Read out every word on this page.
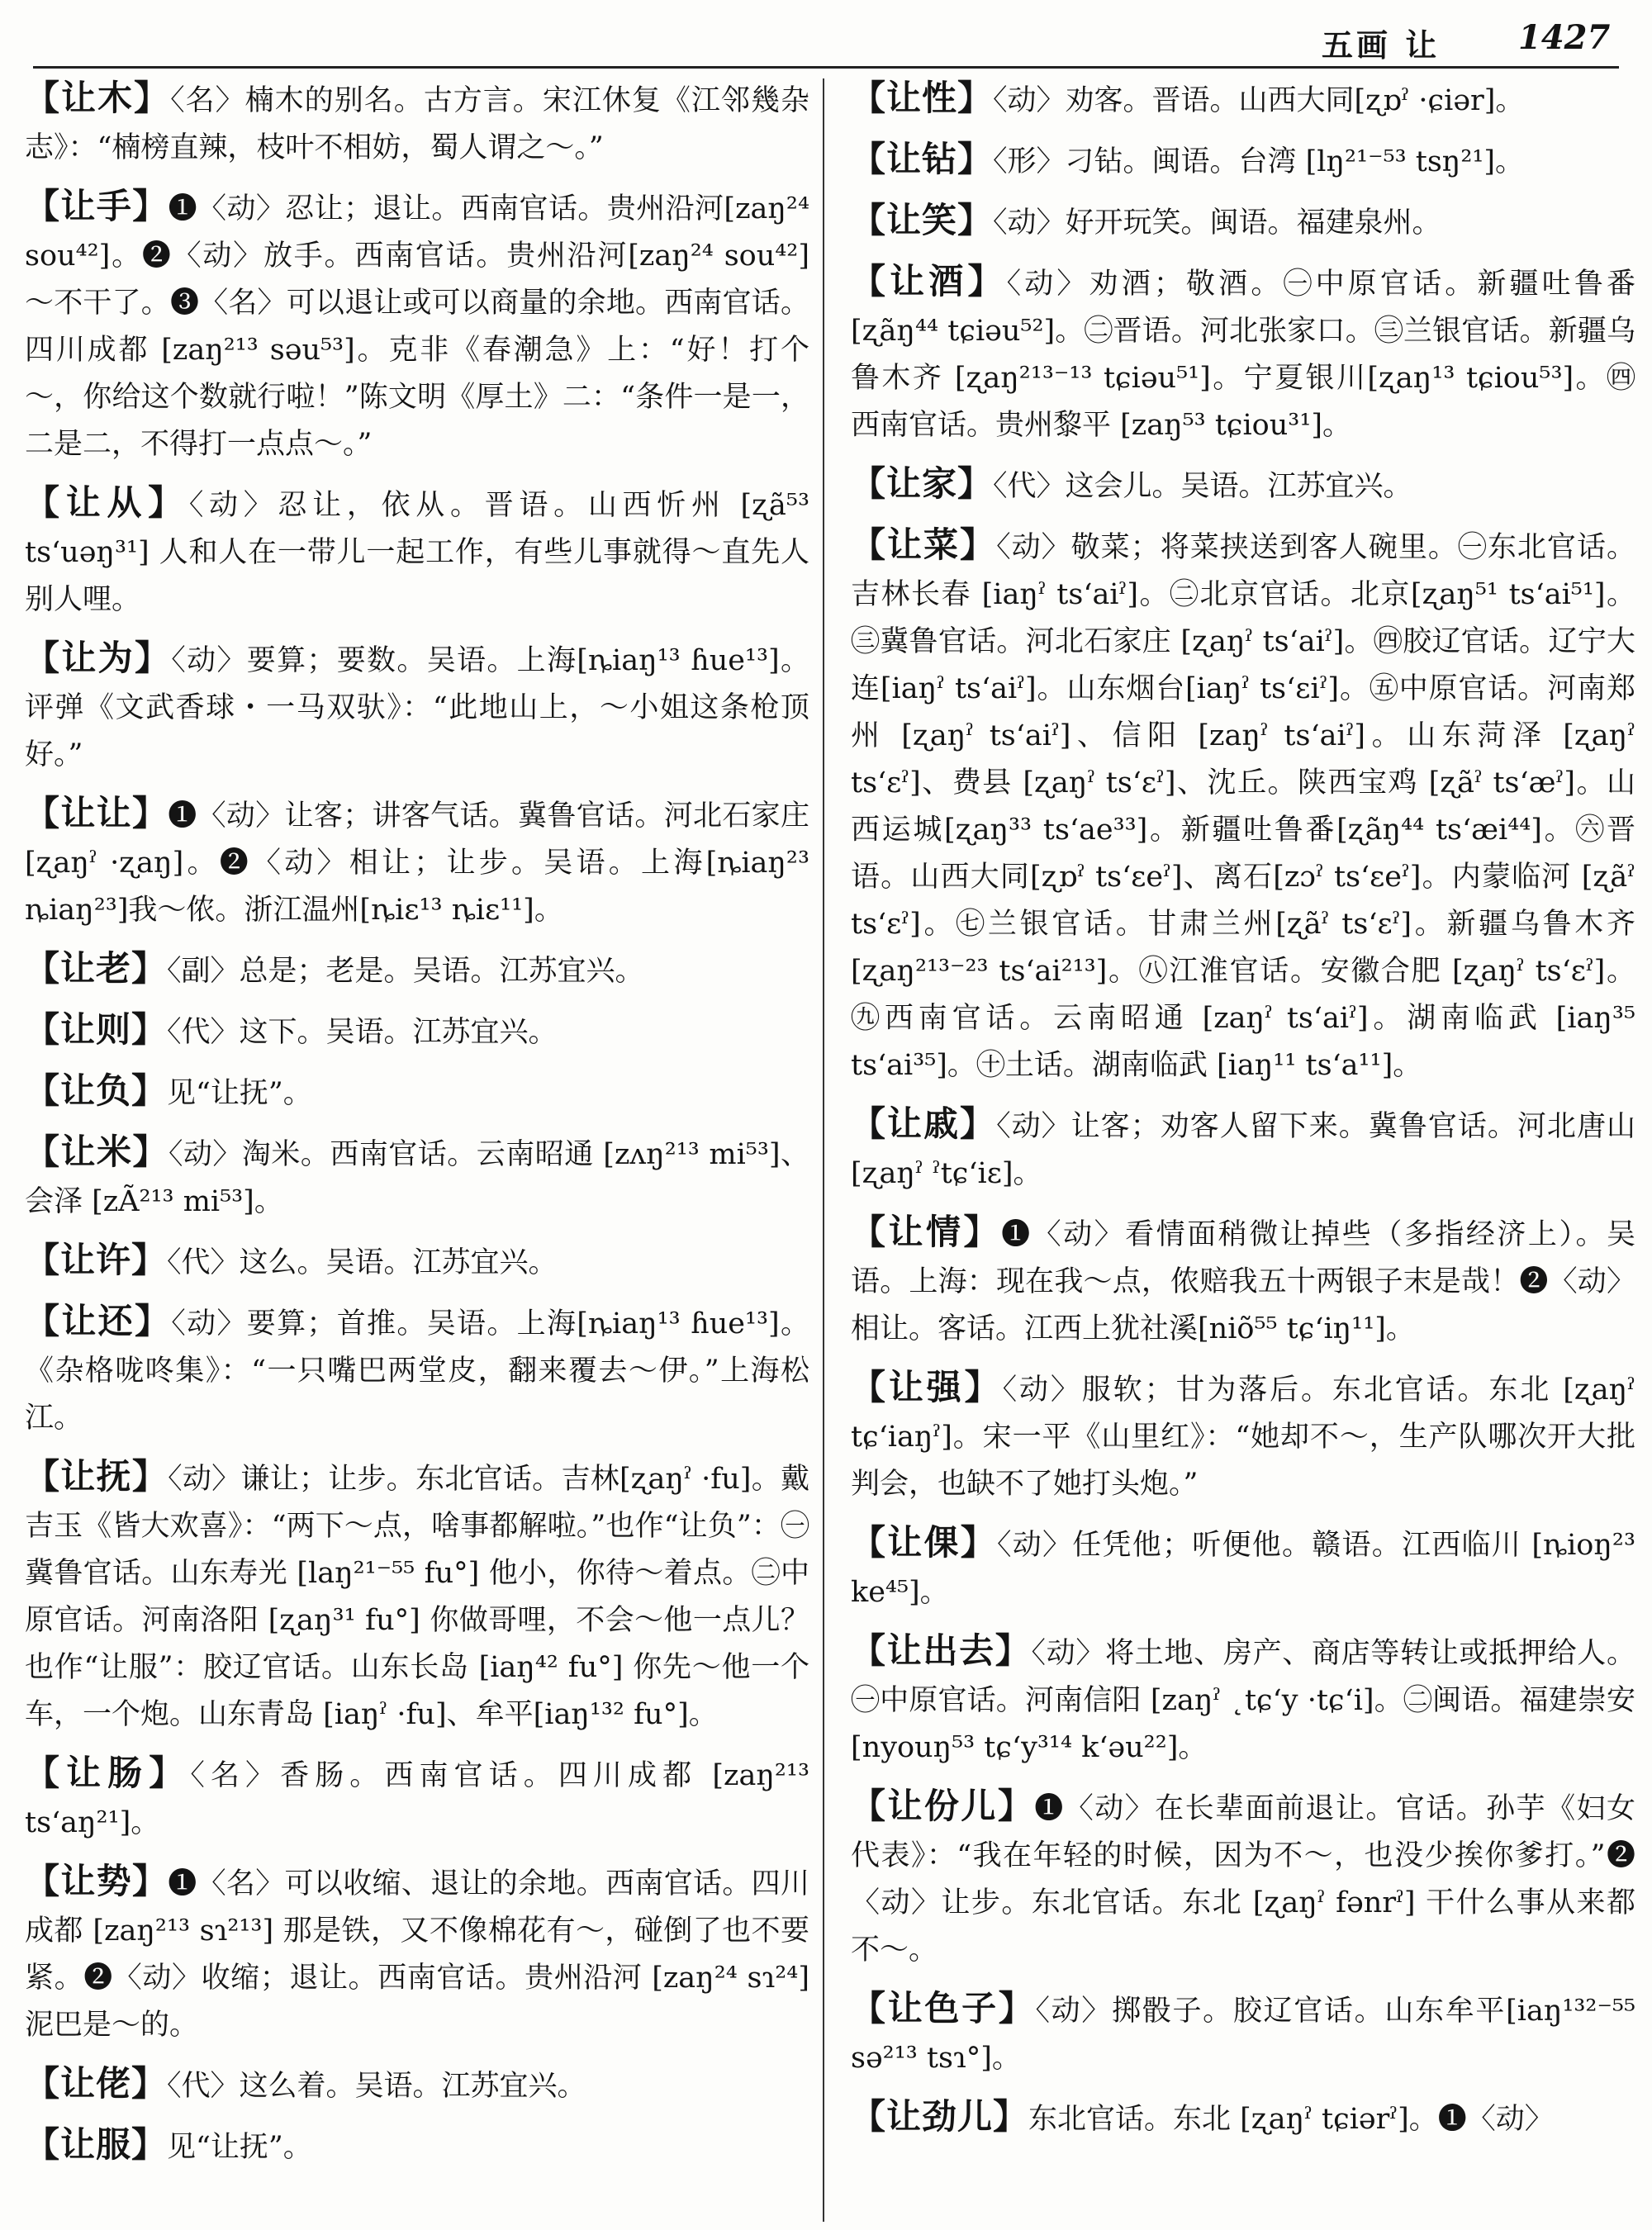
五画 让 1427
【让木】〈名〉楠木的别名。古方言。宋江休复《江邻幾杂志》：“楠榜直辣，枝叶不相妨，蜀人谓之～。”
【让手】❶〈动〉忍让；退让。西南官话。贵州沿河[zaŋ²⁴ sou⁴²]。❷〈动〉放手。西南官话。贵州沿河[zaŋ²⁴ sou⁴²] ～不干了。❸〈名〉可以退让或可以商量的余地。西南官话。四川成都 [zaŋ²¹³ səu⁵³]。克非《春潮急》上：“好！打个～，你给这个数就行啦！”陈文明《厚土》二：“条件一是一，二是二，不得打一点点～。”
【让从】〈动〉忍让，依从。晋语。山西忻州 [ʐã⁵³ tsʻuəŋ³¹] 人和人在一带儿一起工作，有些儿事就得～直先人别人哩。
【让为】〈动〉要算；要数。吴语。上海[ȵiaŋ¹³ ɦue¹³]。评弹《文武香球・一马双驮》：“此地山上，～小姐这条枪顶好。”
【让让】❶〈动〉让客；讲客气话。冀鲁官话。河北石家庄 [ʐaŋˀ ·ʐaŋ]。❷〈动〉相让；让步。吴语。上海[ȵiaŋ²³ ȵiaŋ²³]我～侬。浙江温州[ȵiɛ¹³ ȵiɛ¹¹]。
【让老】〈副〉总是；老是。吴语。江苏宜兴。
【让则】〈代〉这下。吴语。江苏宜兴。
【让负】见“让抚”。
【让米】〈动〉淘米。西南官话。云南昭通 [zʌŋ²¹³ mi⁵³]、会泽 [zÃ²¹³ mi⁵³]。
【让许】〈代〉这么。吴语。江苏宜兴。
【让还】〈动〉要算；首推。吴语。上海[ȵiaŋ¹³ ɦue¹³]。《杂格咙咚集》：“一只嘴巴两堂皮，翻来覆去～伊。”上海松江。
【让抚】〈动〉谦让；让步。东北官话。吉林[ʐaŋˀ ·fu]。戴吉玉《皆大欢喜》：“两下～点，啥事都解啦。”也作“让负”：㊀冀鲁官话。山东寿光 [laŋ²¹⁻⁵⁵ fu°] 他小，你待～着点。㊁中原官话。河南洛阳 [ʐaŋ³¹ fu°] 你做哥哩，不会～他一点儿？也作“让服”：胶辽官话。山东长岛 [iaŋ⁴² fu°] 你先～他一个车，一个炮。山东青岛 [iaŋˀ ·fu]、牟平[iaŋ¹³² fu°]。
【让肠】〈名〉香肠。西南官话。四川成都 [zaŋ²¹³ tsʻaŋ²¹]。
【让势】❶〈名〉可以收缩、退让的余地。西南官话。四川成都 [zaŋ²¹³ sɿ²¹³] 那是铁，又不像棉花有～，碰倒了也不要紧。❷〈动〉收缩；退让。西南官话。贵州沿河 [zaŋ²⁴ sɿ²⁴] 泥巴是～的。
【让佬】〈代〉这么着。吴语。江苏宜兴。
【让服】见“让抚”。
【让性】〈动〉劝客。晋语。山西大同[ʐɒˀ ·ɕiər]。
【让钻】〈形〉刁钻。闽语。台湾 [lŋ²¹⁻⁵³ tsŋ²¹]。
【让笑】〈动〉好开玩笑。闽语。福建泉州。
【让酒】〈动〉劝酒；敬酒。㊀中原官话。新疆吐鲁番 [ʐãŋ⁴⁴ tɕiəu⁵²]。㊁晋语。河北张家口。㊂兰银官话。新疆乌鲁木齐 [ʐaŋ²¹³⁻¹³ tɕiəu⁵¹]。宁夏银川[ʐaŋ¹³ tɕiou⁵³]。㊃西南官话。贵州黎平 [zaŋ⁵³ tɕiou³¹]。
【让家】〈代〉这会儿。吴语。江苏宜兴。
【让菜】〈动〉敬菜；将菜挟送到客人碗里。㊀东北官话。吉林长春 [iaŋˀ tsʻaiˀ]。㊁北京官话。北京[ʐaŋ⁵¹ tsʻai⁵¹]。㊂冀鲁官话。河北石家庄 [ʐaŋˀ tsʻaiˀ]。㊃胶辽官话。辽宁大连[iaŋˀ tsʻaiˀ]。山东烟台[iaŋˀ tsʻɛiˀ]。㊄中原官话。河南郑州 [ʐaŋˀ tsʻaiˀ]、信阳 [zaŋˀ tsʻaiˀ]。山东菏泽 [ʐaŋˀ tsʻɛˀ]、费县 [ʐaŋˀ tsʻɛˀ]、沈丘。陕西宝鸡 [ʐãˀ tsʻæˀ]。山西运城[ʐaŋ³³ tsʻae³³]。新疆吐鲁番[ʐãŋ⁴⁴ tsʻæi⁴⁴]。㊅晋语。山西大同[ʐɒˀ tsʻɛeˀ]、离石[zɔˀ tsʻɛeˀ]。内蒙临河 [ʐãˀ tsʻɛˀ]。㊆兰银官话。甘肃兰州[ʐãˀ tsʻɛˀ]。新疆乌鲁木齐 [ʐaŋ²¹³⁻²³ tsʻai²¹³]。㊇江淮官话。安徽合肥 [ʐaŋˀ tsʻɛˀ]。㊈西南官话。云南昭通 [zaŋˀ tsʻaiˀ]。湖南临武 [iaŋ³⁵ tsʻai³⁵]。㊉土话。湖南临武 [iaŋ¹¹ tsʻa¹¹]。
【让戚】〈动〉让客；劝客人留下来。冀鲁官话。河北唐山 [ʐaŋˀ ˀtɕʻiɛ]。
【让情】❶〈动〉看情面稍微让掉些（多指经济上）。吴语。上海：现在我～点，侬赔我五十两银子末是哉！❷〈动〉相让。客话。江西上犹社溪[niõ⁵⁵ tɕʻiŋ¹¹]。
【让强】〈动〉服软；甘为落后。东北官话。东北 [ʐaŋˀ tɕʻiaŋˀ]。宋一平《山里红》：“她却不～，生产队哪次开大批判会，也缺不了她打头炮。”
【让倮】〈动〉任凭他；听便他。赣语。江西临川 [ȵioŋ²³ ke⁴⁵]。
【让出去】〈动〉将土地、房产、商店等转让或抵押给人。㊀中原官话。河南信阳 [zaŋˀ ˛tɕʻy ·tɕʻi]。㊁闽语。福建崇安 [nyouŋ⁵³ tɕʻy³¹⁴ kʻəu²²]。
【让份儿】❶〈动〉在长辈面前退让。官话。孙芋《妇女代表》：“我在年轻的时候，因为不～，也没少挨你爹打。”❷〈动〉让步。东北官话。东北 [ʐaŋˀ fənrˀ] 干什么事从来都不～。
【让色子】〈动〉掷骰子。胶辽官话。山东牟平[iaŋ¹³²⁻⁵⁵ sə²¹³ tsɿ°]。
【让劲儿】东北官话。东北 [ʐaŋˀ tɕiərˀ]。❶〈动〉
